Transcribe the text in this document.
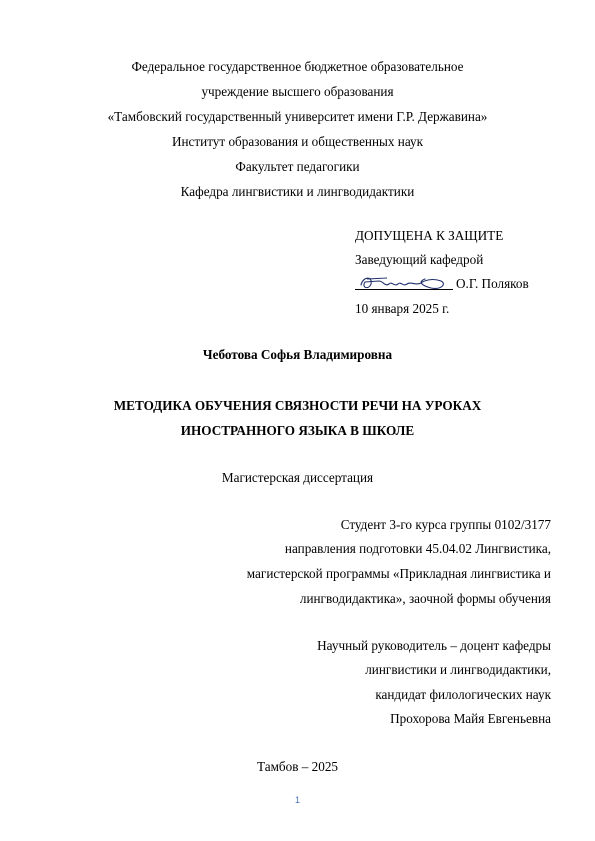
Федеральное государственное бюджетное образовательное
учреждение высшего образования
«Тамбовский государственный университет имени Г.Р. Державина»
Институт образования и общественных наук
Факультет педагогики
Кафедра лингвистики и лингводидактики
ДОПУЩЕНА К ЗАЩИТЕ
Заведующий кафедрой
О.Г. Поляков
10 января 2025 г.
Чеботова Софья Владимировна
МЕТОДИКА ОБУЧЕНИЯ СВЯЗНОСТИ РЕЧИ НА УРОКАХ
ИНОСТРАННОГО ЯЗЫКА В ШКОЛЕ
Магистерская диссертация
Студент 3-го курса группы 0102/3177
направления подготовки 45.04.02 Лингвистика,
магистерской программы «Прикладная лингвистика и
лингводидактика», заочной формы обучения
Научный руководитель – доцент кафедры
лингвистики и лингводидактики,
кандидат филологических наук
Прохорова Майя Евгеньевна
Тамбов – 2025
1
